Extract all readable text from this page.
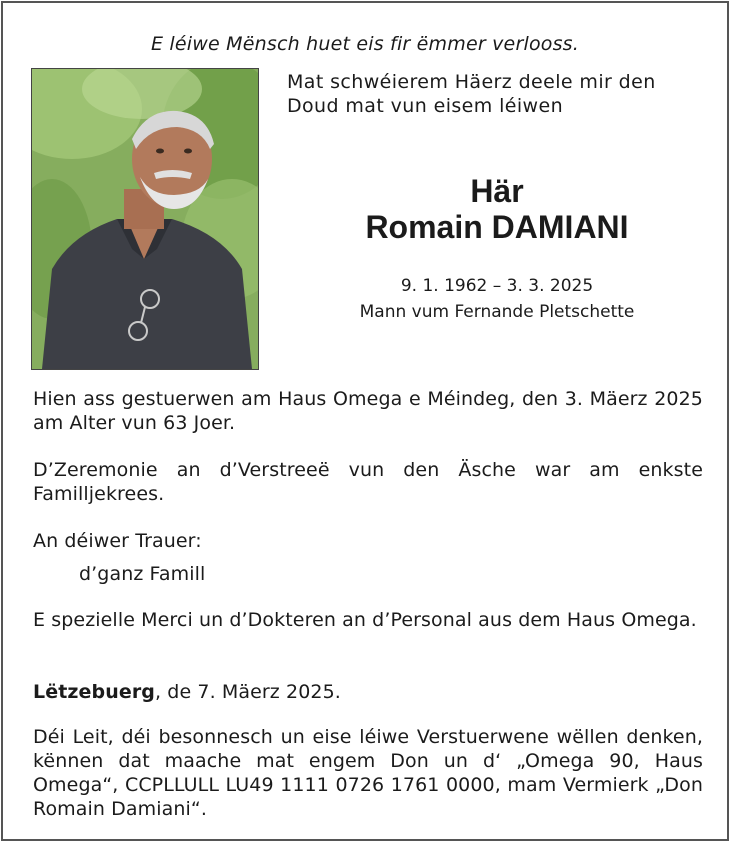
E léiwe Mënsch huet eis fir ëmmer verlooss.
Mat schwéierem Häerz deele mir den
Doud mat vun eisem léiwen
Här
Romain DAMIANI
9. 1. 1962 – 3. 3. 2025
Mann vum Fernande Pletschette
Hien ass gestuerwen am Haus Omega e Méindeg, den 3. Mäerz 2025 am Alter vun 63 Joer.
D’Zeremonie an d’Verstreeë vun den Äsche war am enkste Familljekrees.
An déiwer Trauer:
d’ganz Famill
E spezielle Merci un d’Dokteren an d’Personal aus dem Haus Omega.
Lëtzebuerg, de 7. Mäerz 2025.
Déi Leit, déi besonnesch un eise léiwe Verstuerwene wëllen denken, kënnen dat maache mat engem Don un d‘ „Omega 90, Haus Omega“, CCPLLULL LU49 1111 0726 1761 0000, mam Vermierk „Don Romain Damiani“.
